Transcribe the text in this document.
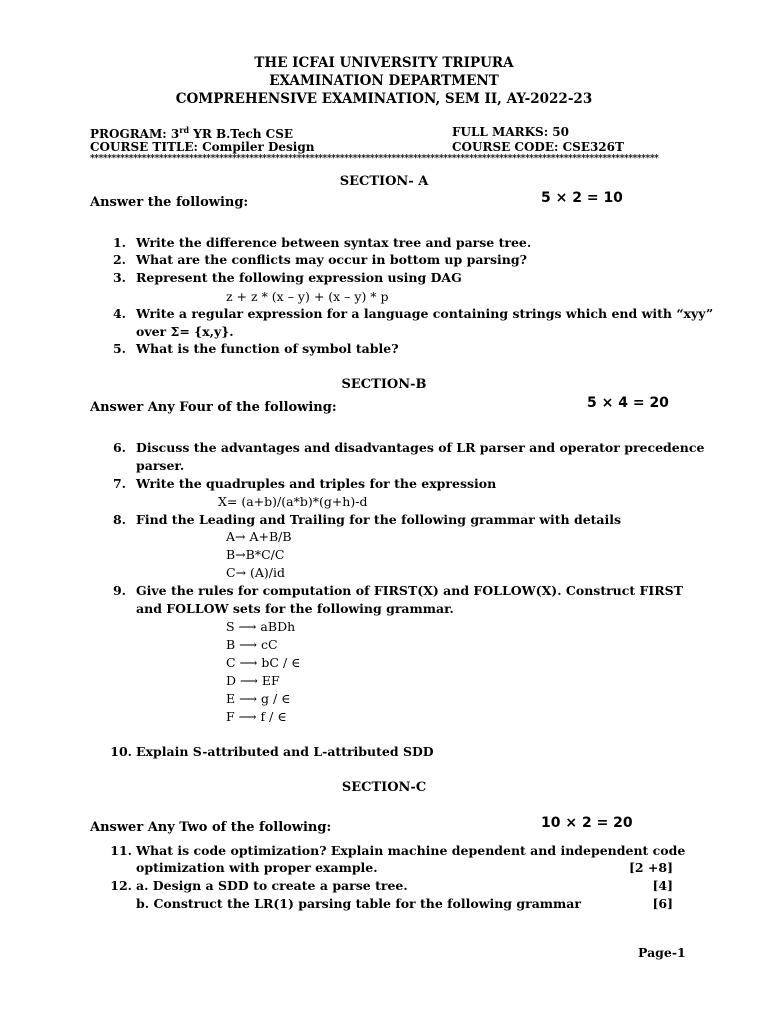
THE ICFAI UNIVERSITY TRIPURA
EXAMINATION DEPARTMENT
COMPREHENSIVE EXAMINATION, SEM II, AY-2022-23
PROGRAM: 3rd YR B.Tech CSE	FULL MARKS: 50
COURSE TITLE: Compiler Design	COURSE CODE: CSE326T
************************************************************************************************************************************
SECTION- A
Answer the following:	5 × 2 = 10
1. Write the difference between syntax tree and parse tree.
2. What are the conflicts may occur in bottom up parsing?
3. Represent the following expression using DAG
z + z * (x – y) + (x – y) * p
4. Write a regular expression for a language containing strings which end with “xyy”
over Σ= {x,y}.
5. What is the function of symbol table?
SECTION-B
Answer Any Four of the following:	5 × 4 = 20
6. Discuss the advantages and disadvantages of LR parser and operator precedence
parser.
7. Write the quadruples and triples for the expression
X= (a+b)/(a*b)*(g+h)-d
8. Find the Leading and Trailing for the following grammar with details
A→ A+B/B
B→B*C/C
C→ (A)/id
9. Give the rules for computation of FIRST(X) and FOLLOW(X). Construct FIRST
and FOLLOW sets for the following grammar.
S ⟶ aBDh
B ⟶ cC
C ⟶ bC / ∈
D ⟶ EF
E ⟶ g / ∈
F ⟶ f / ∈
10. Explain S-attributed and L-attributed SDD
SECTION-C
Answer Any Two of the following:	10 × 2 = 20
11. What is code optimization? Explain machine dependent and independent code
optimization with proper example.	[2 +8]
12. a. Design a SDD to create a parse tree.	[4]
b. Construct the LR(1) parsing table for the following grammar	[6]
Page-1
